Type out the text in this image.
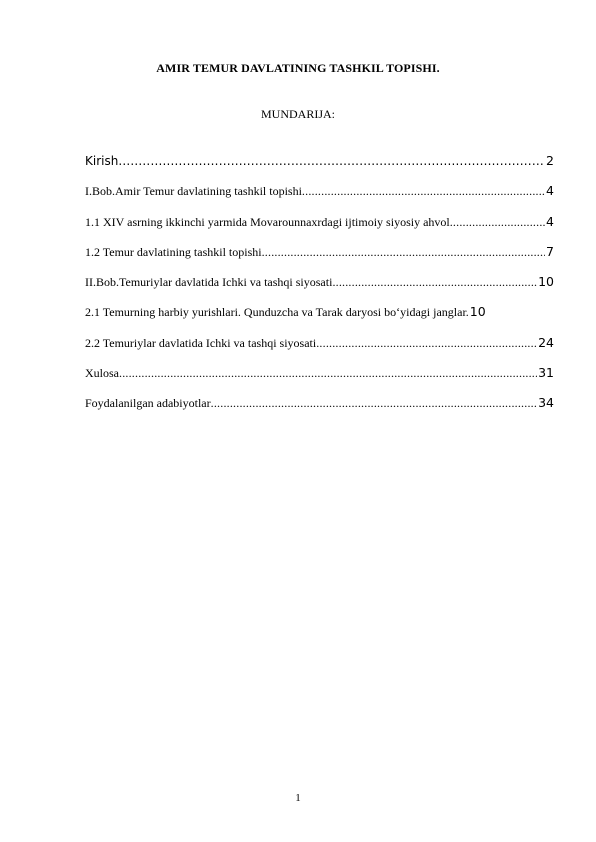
AMIR TEMUR DAVLATINING TASHKIL TOPISHI.
MUNDARIJA:
Kirish .....	2
I.Bob.Amir Temur davlatining tashkil topishi .....	4
1.1 XIV asrning ikkinchi yarmida Movarounnaxrdagi ijtimoiy siyosiy ahvol .....	4
1.2 Temur davlatining tashkil topishi .....	7
II.Bob.Temuriylar davlatida Ichki va tashqi siyosati .....	10
2.1 Temurning harbiy yurishlari. Qunduzcha va Tarak daryosi bo‘yidagi janglar. 10
2.2 Temuriylar davlatida Ichki va tashqi siyosati .....	24
Xulosa .....	31
Foydalanilgan adabiyotlar .....	34
1
